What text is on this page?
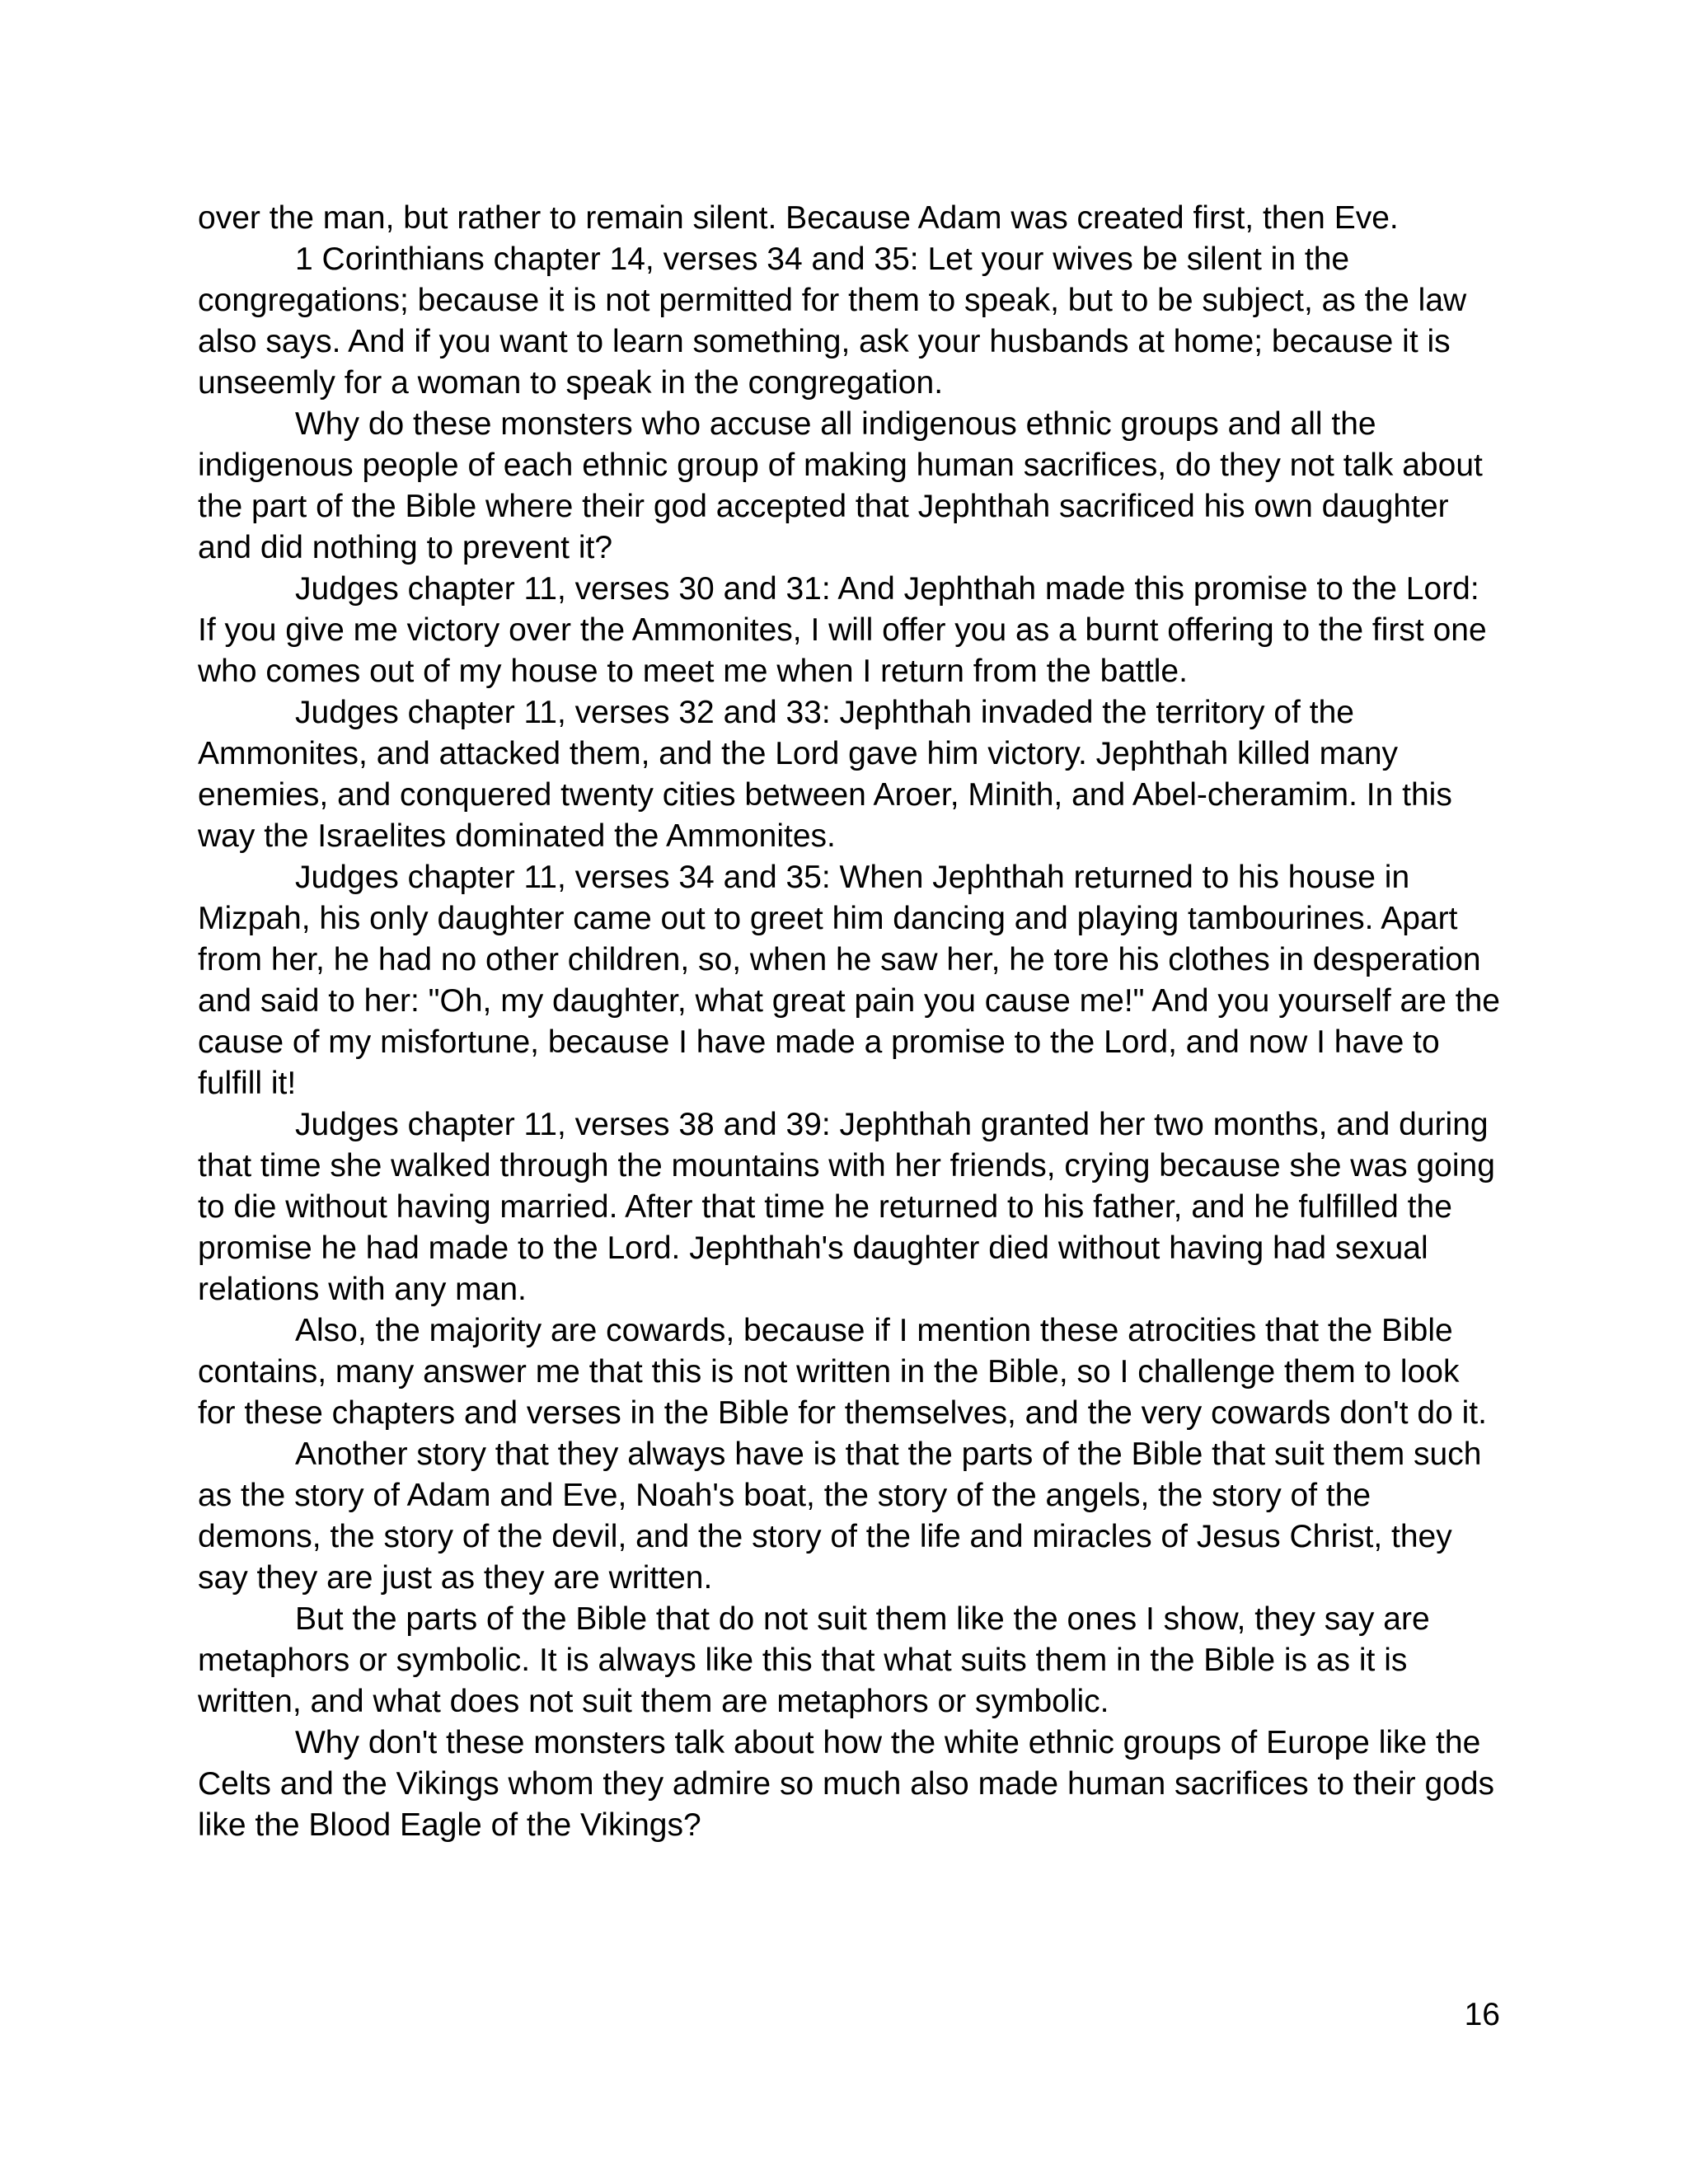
over the man, but rather to remain silent. Because Adam was created first, then Eve.

1 Corinthians chapter 14, verses 34 and 35: Let your wives be silent in the congregations; because it is not permitted for them to speak, but to be subject, as the law also says. And if you want to learn something, ask your husbands at home; because it is unseemly for a woman to speak in the congregation.

Why do these monsters who accuse all indigenous ethnic groups and all the indigenous people of each ethnic group of making human sacrifices, do they not talk about the part of the Bible where their god accepted that Jephthah sacrificed his own daughter and did nothing to prevent it?

Judges chapter 11, verses 30 and 31: And Jephthah made this promise to the Lord: If you give me victory over the Ammonites, I will offer you as a burnt offering to the first one who comes out of my house to meet me when I return from the battle.

Judges chapter 11, verses 32 and 33: Jephthah invaded the territory of the Ammonites, and attacked them, and the Lord gave him victory. Jephthah killed many enemies, and conquered twenty cities between Aroer, Minith, and Abel-cheramim. In this way the Israelites dominated the Ammonites.

Judges chapter 11, verses 34 and 35: When Jephthah returned to his house in Mizpah, his only daughter came out to greet him dancing and playing tambourines. Apart from her, he had no other children, so, when he saw her, he tore his clothes in desperation and said to her: "Oh, my daughter, what great pain you cause me!" And you yourself are the cause of my misfortune, because I have made a promise to the Lord, and now I have to fulfill it!

Judges chapter 11, verses 38 and 39: Jephthah granted her two months, and during that time she walked through the mountains with her friends, crying because she was going to die without having married. After that time he returned to his father, and he fulfilled the promise he had made to the Lord. Jephthah's daughter died without having had sexual relations with any man.

Also, the majority are cowards, because if I mention these atrocities that the Bible contains, many answer me that this is not written in the Bible, so I challenge them to look for these chapters and verses in the Bible for themselves, and the very cowards don't do it.

Another story that they always have is that the parts of the Bible that suit them such as the story of Adam and Eve, Noah's boat, the story of the angels, the story of the demons, the story of the devil, and the story of the life and miracles of Jesus Christ, they say they are just as they are written.

But the parts of the Bible that do not suit them like the ones I show, they say are metaphors or symbolic. It is always like this that what suits them in the Bible is as it is written, and what does not suit them are metaphors or symbolic.

Why don't these monsters talk about how the white ethnic groups of Europe like the Celts and the Vikings whom they admire so much also made human sacrifices to their gods like the Blood Eagle of the Vikings?

16
